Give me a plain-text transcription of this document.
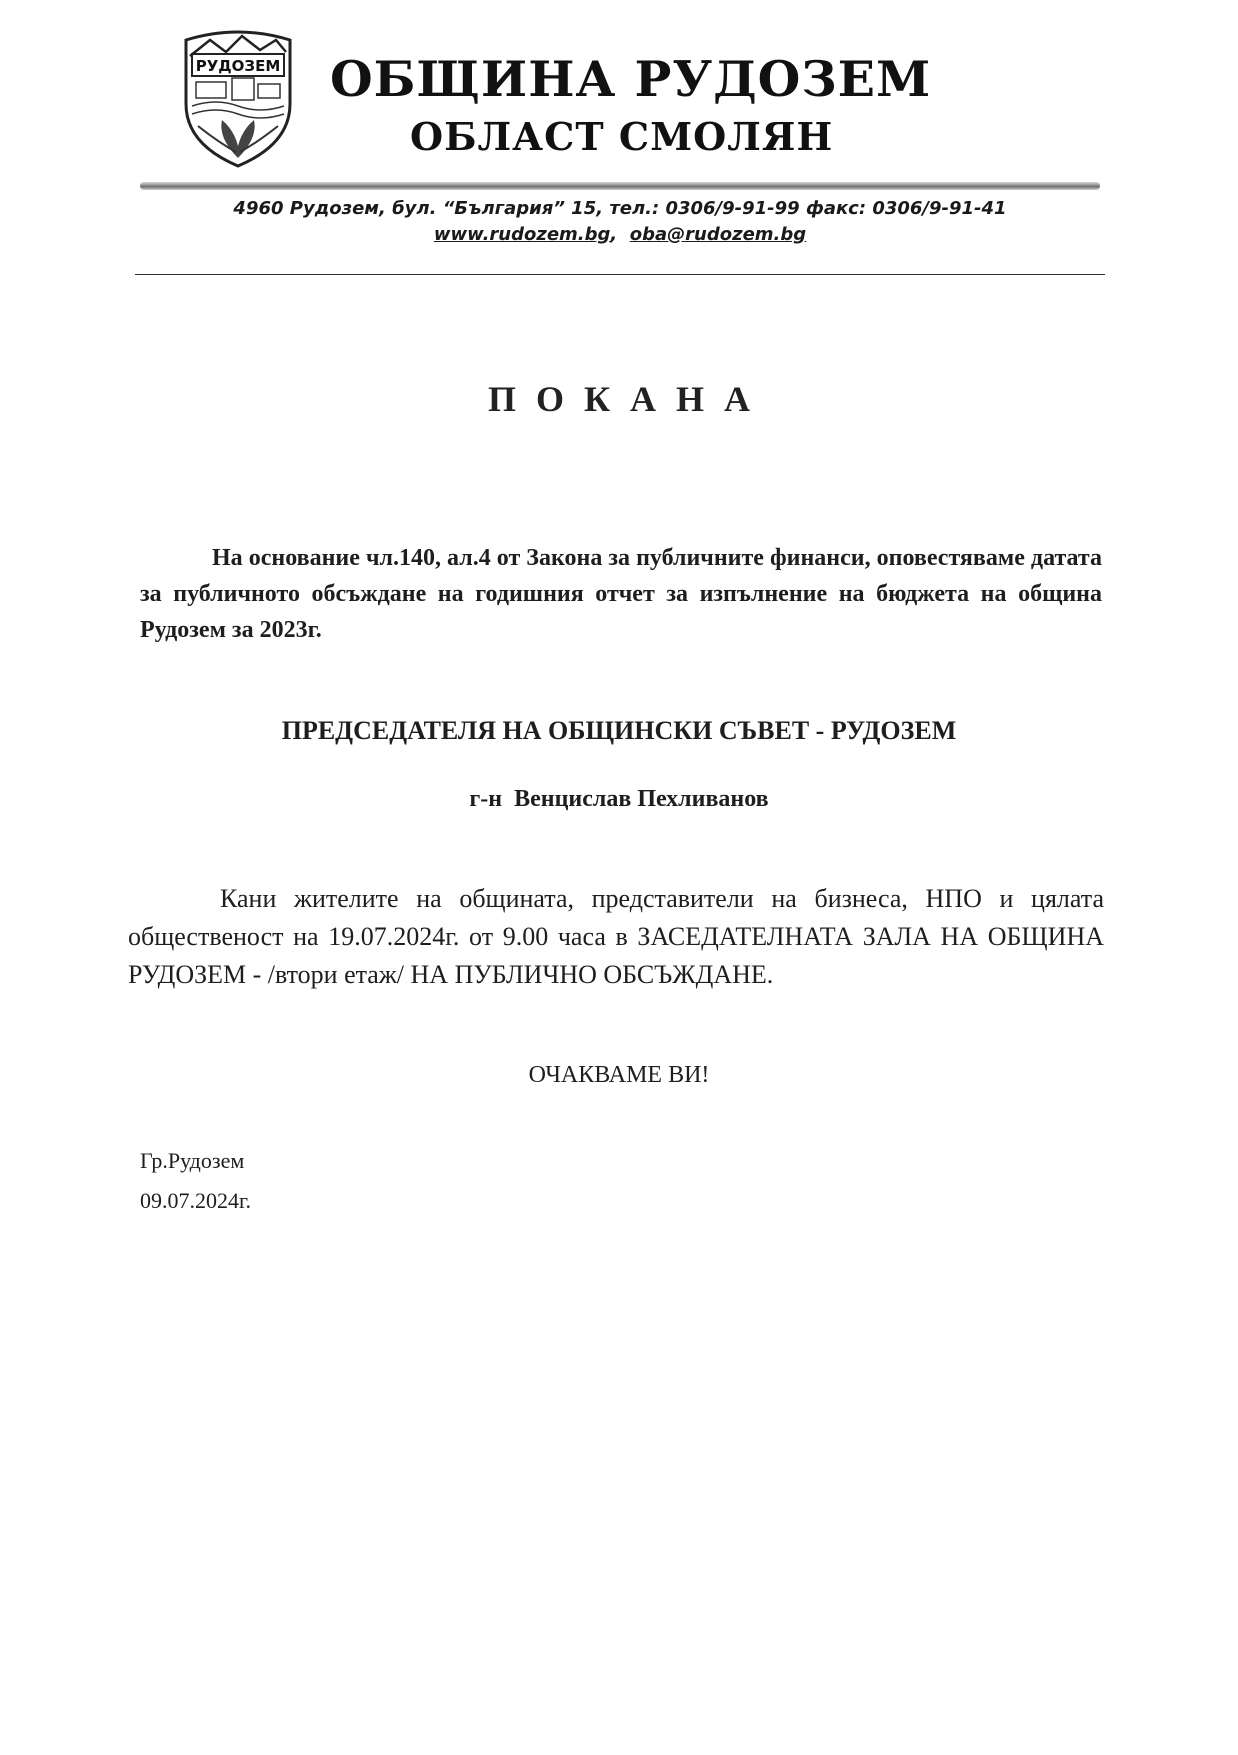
РУДОЗЕМ ОБЩИНА РУДОЗЕМ
ОБЛАСТ СМОЛЯН
4960 Рудозем, бул. “България” 15, тел.: 0306/9-91-99 факс: 0306/9-91-41
www.rudozem.bg,  oba@rudozem.bg
ПОКАНА
На основание чл.140, ал.4 от Закона за публичните финанси, оповестяваме датата за публичното обсъждане на годишния отчет за изпълнение на бюджета на община Рудозем за 2023г.
ПРЕДСЕДАТЕЛЯ НА ОБЩИНСКИ СЪВЕТ - РУДОЗЕМ
г-н  Венцислав Пехливанов
Кани жителите на общината, представители на бизнеса, НПО и цялата общественост на 19.07.2024г. от 9.00 часа в ЗАСЕДАТЕЛНАТА ЗАЛА НА ОБЩИНА РУДОЗЕМ - /втори етаж/ НА ПУБЛИЧНО ОБСЪЖДАНЕ.
ОЧАКВАМЕ ВИ!
Гр.Рудозем
09.07.2024г.
